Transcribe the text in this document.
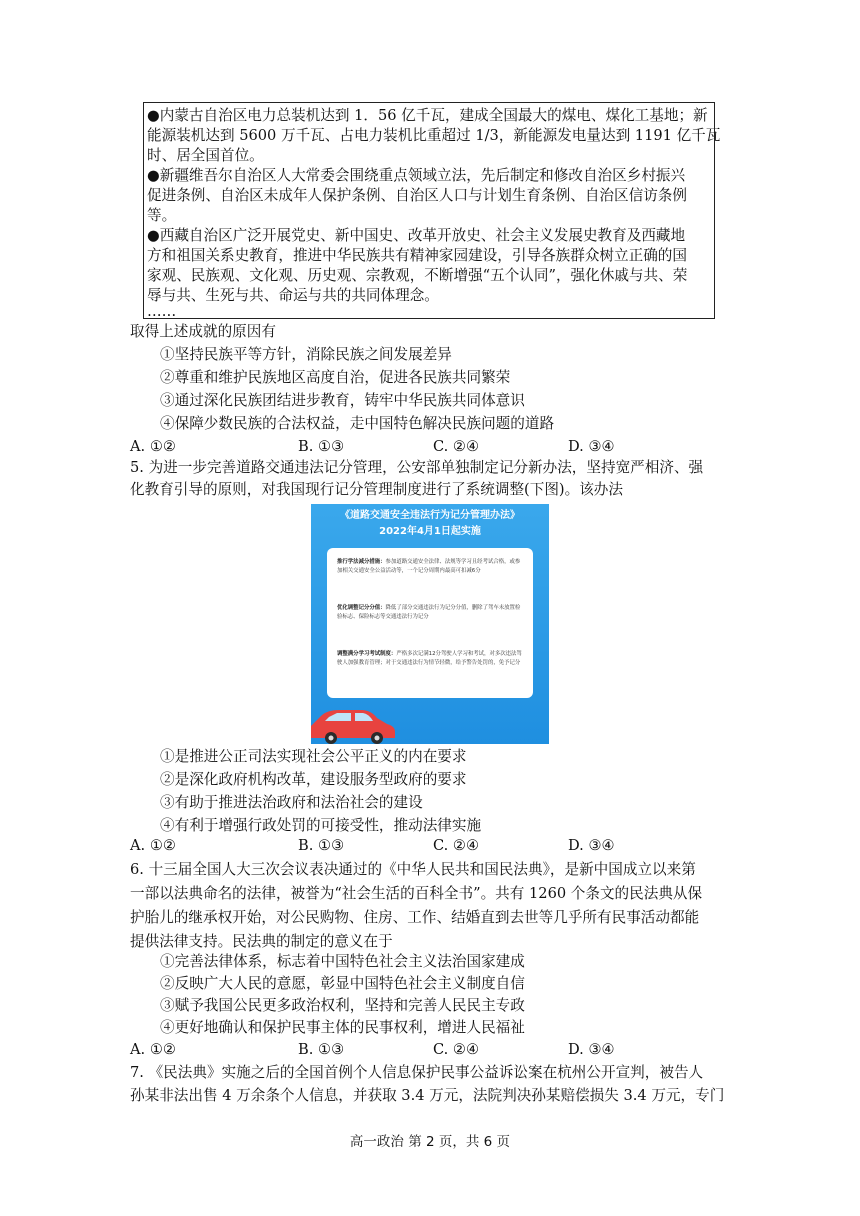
●内蒙古自治区电力总装机达到 1．56 亿千瓦，建成全国最大的煤电、煤化工基地；新
能源装机达到 5600 万千瓦、占电力装机比重超过 1/3，新能源发电量达到 1191 亿千瓦
时、居全国首位。
●新疆维吾尔自治区人大常委会围绕重点领域立法，先后制定和修改自治区乡村振兴
促进条例、自治区未成年人保护条例、自治区人口与计划生育条例、自治区信访条例
等。
●西藏自治区广泛开展党史、新中国史、改革开放史、社会主义发展史教育及西藏地
方和祖国关系史教育，推进中华民族共有精神家园建设，引导各族群众树立正确的国
家观、民族观、文化观、历史观、宗教观，不断增强“五个认同”，强化休戚与共、荣
辱与共、生死与共、命运与共的共同体理念。
……
取得上述成就的原因有
①坚持民族平等方针，消除民族之间发展差异
②尊重和维护民族地区高度自治，促进各民族共同繁荣
③通过深化民族团结进步教育，铸牢中华民族共同体意识
④保障少数民族的合法权益，走中国特色解决民族问题的道路
A. ①②	B. ①③	C. ②④	D. ③④
5. 为进一步完善道路交通违法记分管理，公安部单独制定记分新办法，坚持宽严相济、强
化教育引导的原则，对我国现行记分管理制度进行了系统调整(下图)。该办法
《道路交通安全违法行为记分管理办法》
2022年4月1日起实施
推行学法减分措施：参加道路交通安全法律、法规等学习且经考试合格，或参加相关交通安全公益活动等，一个记分周期内最高可扣减6分
优化调整记分分值：降低了部分交通违法行为记分分值，删除了驾车未放置检验标志、保险标志等交通违法行为记分
调整满分学习考试制度：严格多次记满12分驾驶人学习和考试，对多次违法驾驶人加强教育管理；对于交通违法行为情节轻微，给予警告处罚的，免予记分
①是推进公正司法实现社会公平正义的内在要求
②是深化政府机构改革，建设服务型政府的要求
③有助于推进法治政府和法治社会的建设
④有利于增强行政处罚的可接受性，推动法律实施
A. ①②	B. ①③	C. ②④	D. ③④
6. 十三届全国人大三次会议表决通过的《中华人民共和国民法典》，是新中国成立以来第
一部以法典命名的法律，被誉为“社会生活的百科全书”。共有 1260 个条文的民法典从保
护胎儿的继承权开始，对公民购物、住房、工作、结婚直到去世等几乎所有民事活动都能
提供法律支持。民法典的制定的意义在于
①完善法律体系，标志着中国特色社会主义法治国家建成
②反映广大人民的意愿，彰显中国特色社会主义制度自信
③赋予我国公民更多政治权利，坚持和完善人民民主专政
④更好地确认和保护民事主体的民事权利，增进人民福祉
A. ①②	B. ①③	C. ②④	D. ③④
7. 《民法典》实施之后的全国首例个人信息保护民事公益诉讼案在杭州公开宣判，被告人
孙某非法出售 4 万余条个人信息，并获取 3.4 万元，法院判决孙某赔偿损失 3.4 万元，专门
高一政治 第 2 页，共 6 页
